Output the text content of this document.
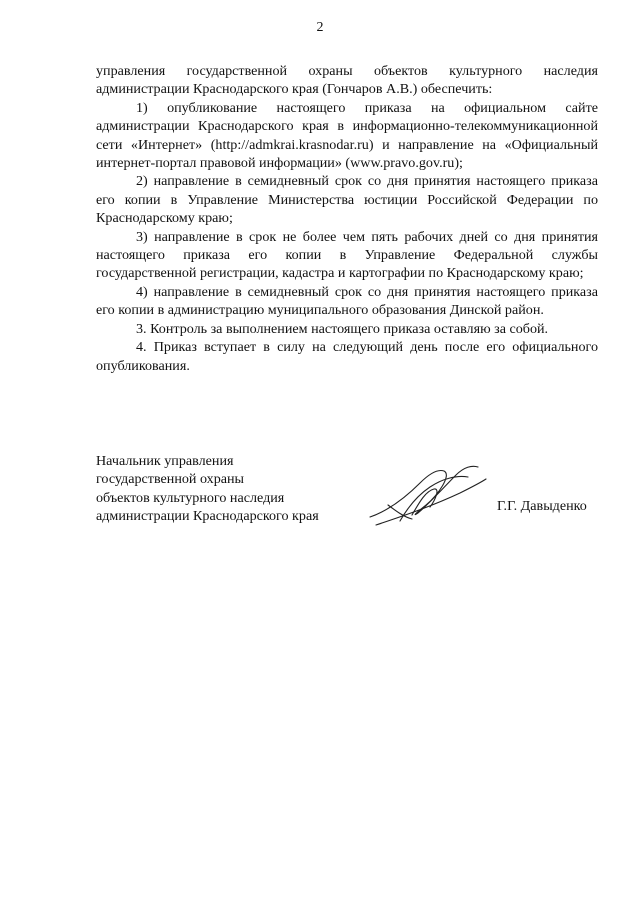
2

управления государственной охраны объектов культурного наследия администрации Краснодарского края (Гончаров А.В.) обеспечить:

1) опубликование настоящего приказа на официальном сайте администрации Краснодарского края в информационно-телекоммуникационной сети «Интернет» (http://admkrai.krasnodar.ru) и направление на «Официальный интернет-портал правовой информации» (www.pravo.gov.ru);

2) направление в семидневный срок со дня принятия настоящего приказа его копии в Управление Министерства юстиции Российской Федерации по Краснодарскому краю;

3) направление в срок не более чем пять рабочих дней со дня принятия настоящего приказа его копии в Управление Федеральной службы государственной регистрации, кадастра и картографии по Краснодарскому краю;

4) направление в семидневный срок со дня принятия настоящего приказа его копии в администрацию муниципального образования Динской район.

3. Контроль за выполнением настоящего приказа оставляю за собой.

4. Приказ вступает в силу на следующий день после его официального опубликования.

Начальник управления
государственной охраны
объектов культурного наследия
администрации Краснодарского края
Г.Г. Давыденко
